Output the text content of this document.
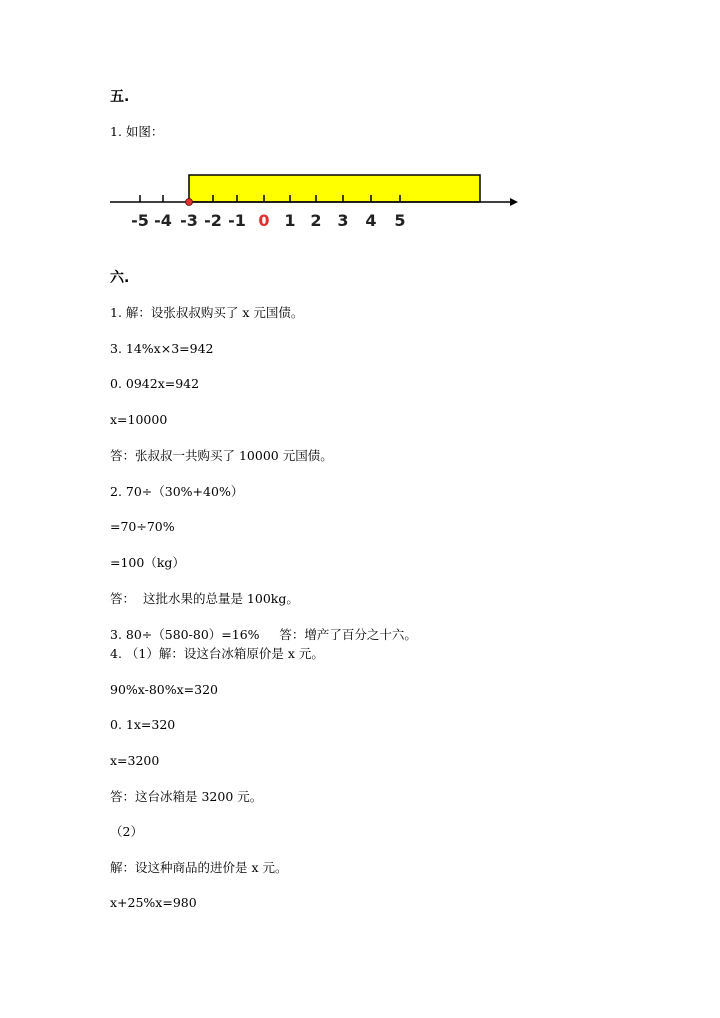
五.
1. 如图：
-5 -4 -3 -2 -1 0 1 2 3 4 5
六.
1. 解：设张叔叔购买了 x 元国债。
3. 14%x×3=942
0. 0942x=942
x=10000
答：张叔叔一共购买了 10000 元国债。
2. 70÷（30%+40%）
=70÷70%
=100（kg）
答：  这批水果的总量是 100kg。
3. 80÷（580-80）=16%     答：增产了百分之十六。
4. （1）解：设这台冰箱原价是 x 元。
90%x-80%x=320
0. 1x=320
x=3200
答：这台冰箱是 3200 元。
（2）
解：设这种商品的进价是 x 元。
x+25%x=980
